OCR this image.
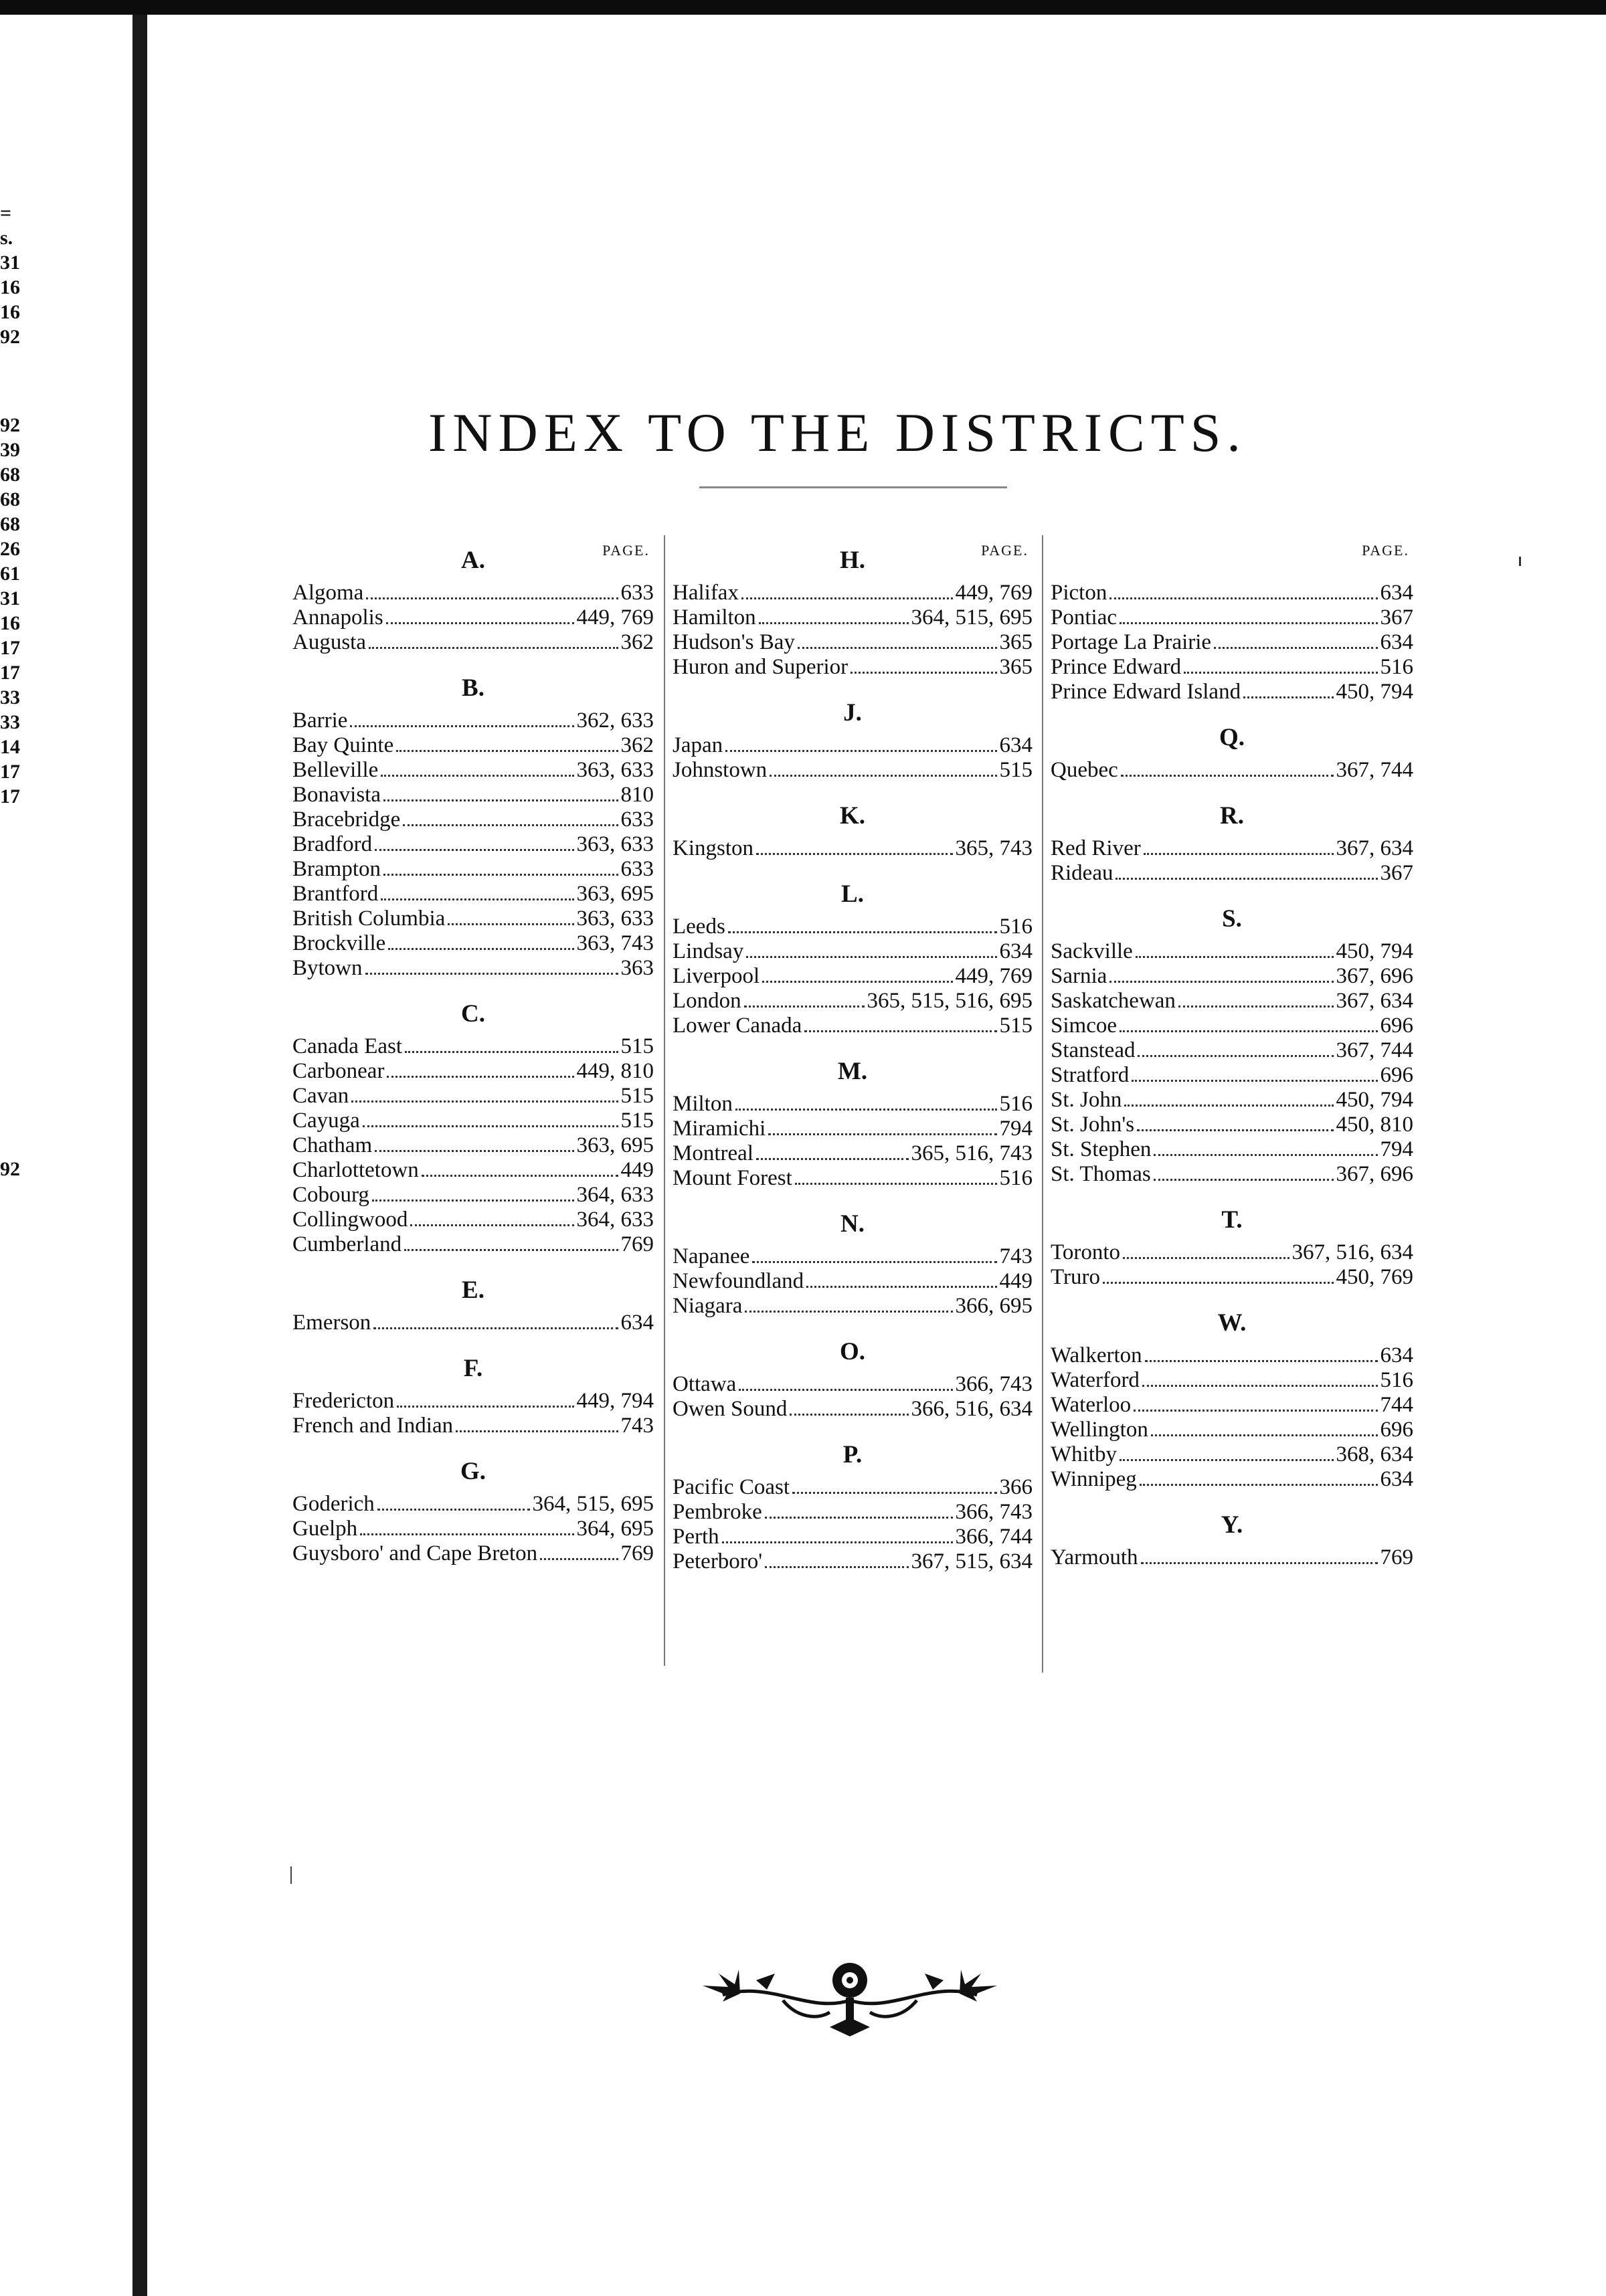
=
s.
31
16
16
92
92
39
68
68
68
26
61
31
16
17
17
33
33
14
17
17
92
INDEX TO THE DISTRICTS.
A.	PAGE.
Algoma	633
Annapolis	449, 769
Augusta	362
B.
Barrie	362, 633
Bay Quinte	362
Belleville	363, 633
Bonavista	810
Bracebridge	633
Bradford	363, 633
Brampton	633
Brantford	363, 695
British Columbia	363, 633
Brockville	363, 743
Bytown	363
C.
Canada East	515
Carbonear	449, 810
Cavan	515
Cayuga	515
Chatham	363, 695
Charlottetown	449
Cobourg	364, 633
Collingwood	364, 633
Cumberland	769
E.
Emerson	634
F.
Fredericton	449, 794
French and Indian	743
G.
Goderich	364, 515, 695
Guelph	364, 695
Guysboro' and Cape Breton	769
H.	PAGE.
Halifax	449, 769
Hamilton	364, 515, 695
Hudson's Bay	365
Huron and Superior	365
J.
Japan	634
Johnstown	515
K.
Kingston	365, 743
L.
Leeds	516
Lindsay	634
Liverpool	449, 769
London	365, 515, 516, 695
Lower Canada	515
M.
Milton	516
Miramichi	794
Montreal	365, 516, 743
Mount Forest	516
N.
Napanee	743
Newfoundland	449
Niagara	366, 695
O.
Ottawa	366, 743
Owen Sound	366, 516, 634
P.
Pacific Coast	366
Pembroke	366, 743
Perth	366, 744
Peterboro'	367, 515, 634
PAGE.
Picton	634
Pontiac	367
Portage La Prairie	634
Prince Edward	516
Prince Edward Island	450, 794
Q.
Quebec	367, 744
R.
Red River	367, 634
Rideau	367
S.
Sackville	450, 794
Sarnia	367, 696
Saskatchewan	367, 634
Simcoe	696
Stanstead	367, 744
Stratford	696
St. John	450, 794
St. John's	450, 810
St. Stephen	794
St. Thomas	367, 696
T.
Toronto	367, 516, 634
Truro	450, 769
W.
Walkerton	634
Waterford	516
Waterloo	744
Wellington	696
Whitby	368, 634
Winnipeg	634
Y.
Yarmouth	769
